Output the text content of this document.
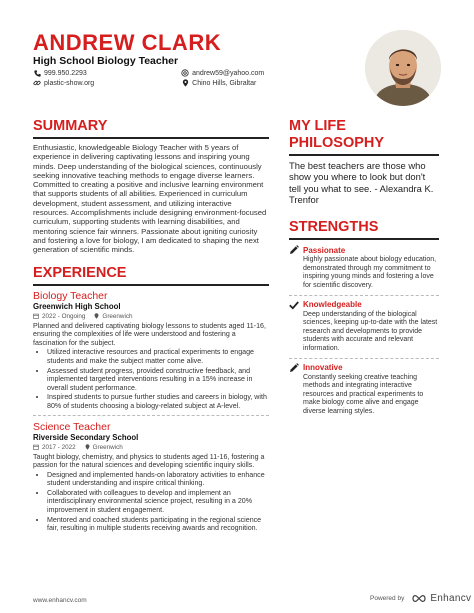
ANDREW CLARK
High School Biology Teacher
999.950.2293	andrew59@yahoo.com
plastic-show.org	Chino Hills, Gibraltar
SUMMARY
Enthusiastic, knowledgeable Biology Teacher with 5 years of experience in delivering captivating lessons and inspiring young minds. Deep understanding of the biological sciences, continuously seeking innovative teaching methods to engage diverse learners. Committed to creating a positive and inclusive learning environment that supports students of all abilities. Experienced in curriculum development, student assessment, and utilizing interactive resources. Accomplishments include designing environment-focused curriculum, supporting students with learning disabilities, and mentoring science fair winners. Passionate about igniting curiosity and fostering a love for biology, I am dedicated to shaping the next generation of scientific minds.
EXPERIENCE
Biology Teacher
Greenwich High School
2022 - Ongoing	Greenwich
Planned and delivered captivating biology lessons to students aged 11-16, ensuring the complexities of life were understood and fostering a fascination for the subject.
• Utilized interactive resources and practical experiments to engage students and make the subject matter come alive.
• Assessed student progress, provided constructive feedback, and implemented targeted interventions resulting in a 15% increase in overall student performance.
• Inspired students to pursue further studies and careers in biology, with 80% of students choosing a biology-related subject at A-level.
Science Teacher
Riverside Secondary School
2017 - 2022	Greenwich
Taught biology, chemistry, and physics to students aged 11-16, fostering a passion for the natural sciences and developing scientific inquiry skills.
• Designed and implemented hands-on laboratory activities to enhance student understanding and inspire critical thinking.
• Collaborated with colleagues to develop and implement an interdisciplinary environmental science project, resulting in a 20% improvement in student engagement.
• Mentored and coached students participating in the regional science fair, resulting in multiple students receiving awards and recognition.
MY LIFE PHILOSOPHY
The best teachers are those who show you where to look but don't tell you what to see. - Alexandra K. Trenfor
STRENGTHS
Passionate
Highly passionate about biology education, demonstrated through my commitment to inspiring young minds and fostering a love for scientific discovery.
Knowledgeable
Deep understanding of the biological sciences, keeping up-to-date with the latest research and developments to provide students with accurate and relevant information.
Innovative
Constantly seeking creative teaching methods and integrating interactive resources and practical experiments to make biology come alive and engage diverse learning styles.
www.enhancv.com	Powered by	Enhancv
